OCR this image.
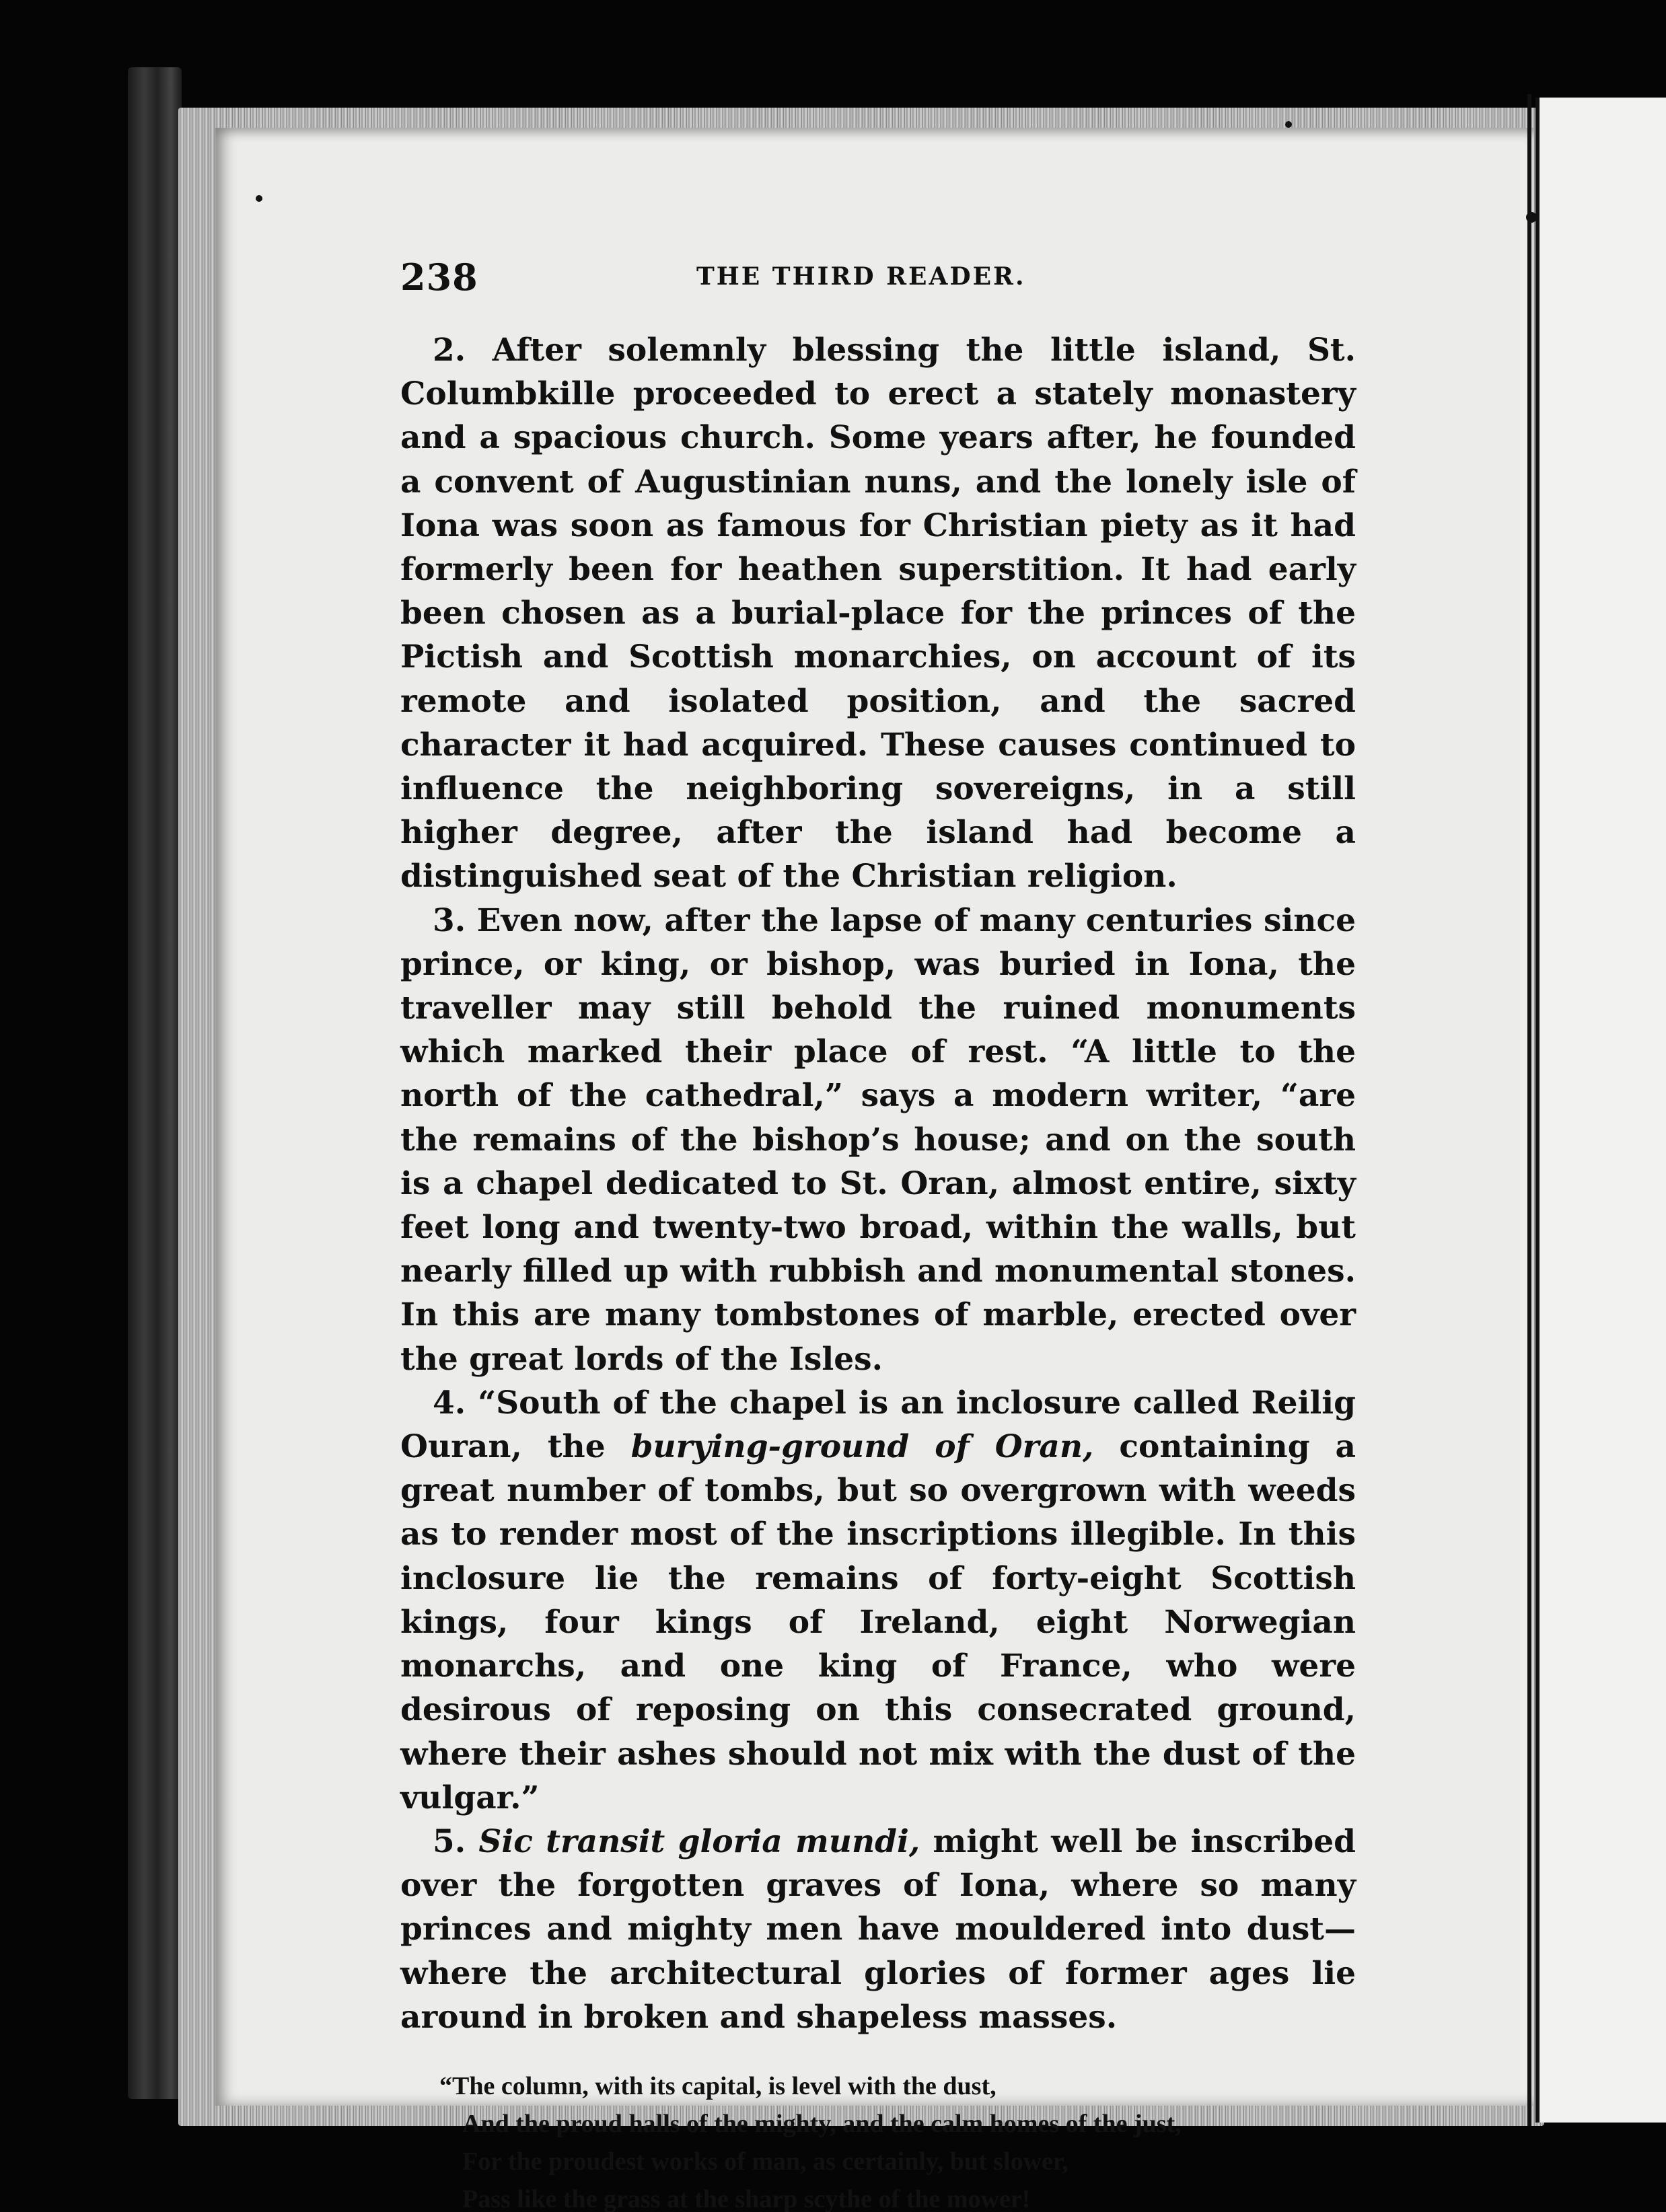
238	THE THIRD READER.

2. After solemnly blessing the little island, St. Columbkille proceeded to erect a stately monastery and a spacious church. Some years after, he founded a convent of Augustinian nuns, and the lonely isle of Iona was soon as famous for Christian piety as it had formerly been for heathen superstition. It had early been chosen as a burial-place for the princes of the Pictish and Scottish monarchies, on account of its remote and isolated position, and the sacred character it had acquired. These causes continued to influence the neighboring sovereigns, in a still higher degree, after the island had become a distinguished seat of the Christian religion.

3. Even now, after the lapse of many centuries since prince, or king, or bishop, was buried in Iona, the traveller may still behold the ruined monuments which marked their place of rest. “A little to the north of the cathedral,” says a modern writer, “are the remains of the bishop’s house; and on the south is a chapel dedicated to St. Oran, almost entire, sixty feet long and twenty-two broad, within the walls, but nearly filled up with rubbish and monumental stones. In this are many tombstones of marble, erected over the great lords of the Isles.

4. “South of the chapel is an inclosure called Reilig Ouran, the burying-ground of Oran, containing a great number of tombs, but so overgrown with weeds as to render most of the inscriptions illegible. In this inclosure lie the remains of forty-eight Scottish kings, four kings of Ireland, eight Norwegian monarchs, and one king of France, who were desirous of reposing on this consecrated ground, where their ashes should not mix with the dust of the vulgar.”

5. Sic transit gloria mundi, might well be inscribed over the forgotten graves of Iona, where so many princes and mighty men have mouldered into dust—where the architectural glories of former ages lie around in broken and shapeless masses.

“The column, with its capital, is level with the dust,
And the proud halls of the mighty, and the calm homes of the just,
For the proudest works of man, as certainly, but slower,
Pass like the grass at the sharp scythe of the mower!
